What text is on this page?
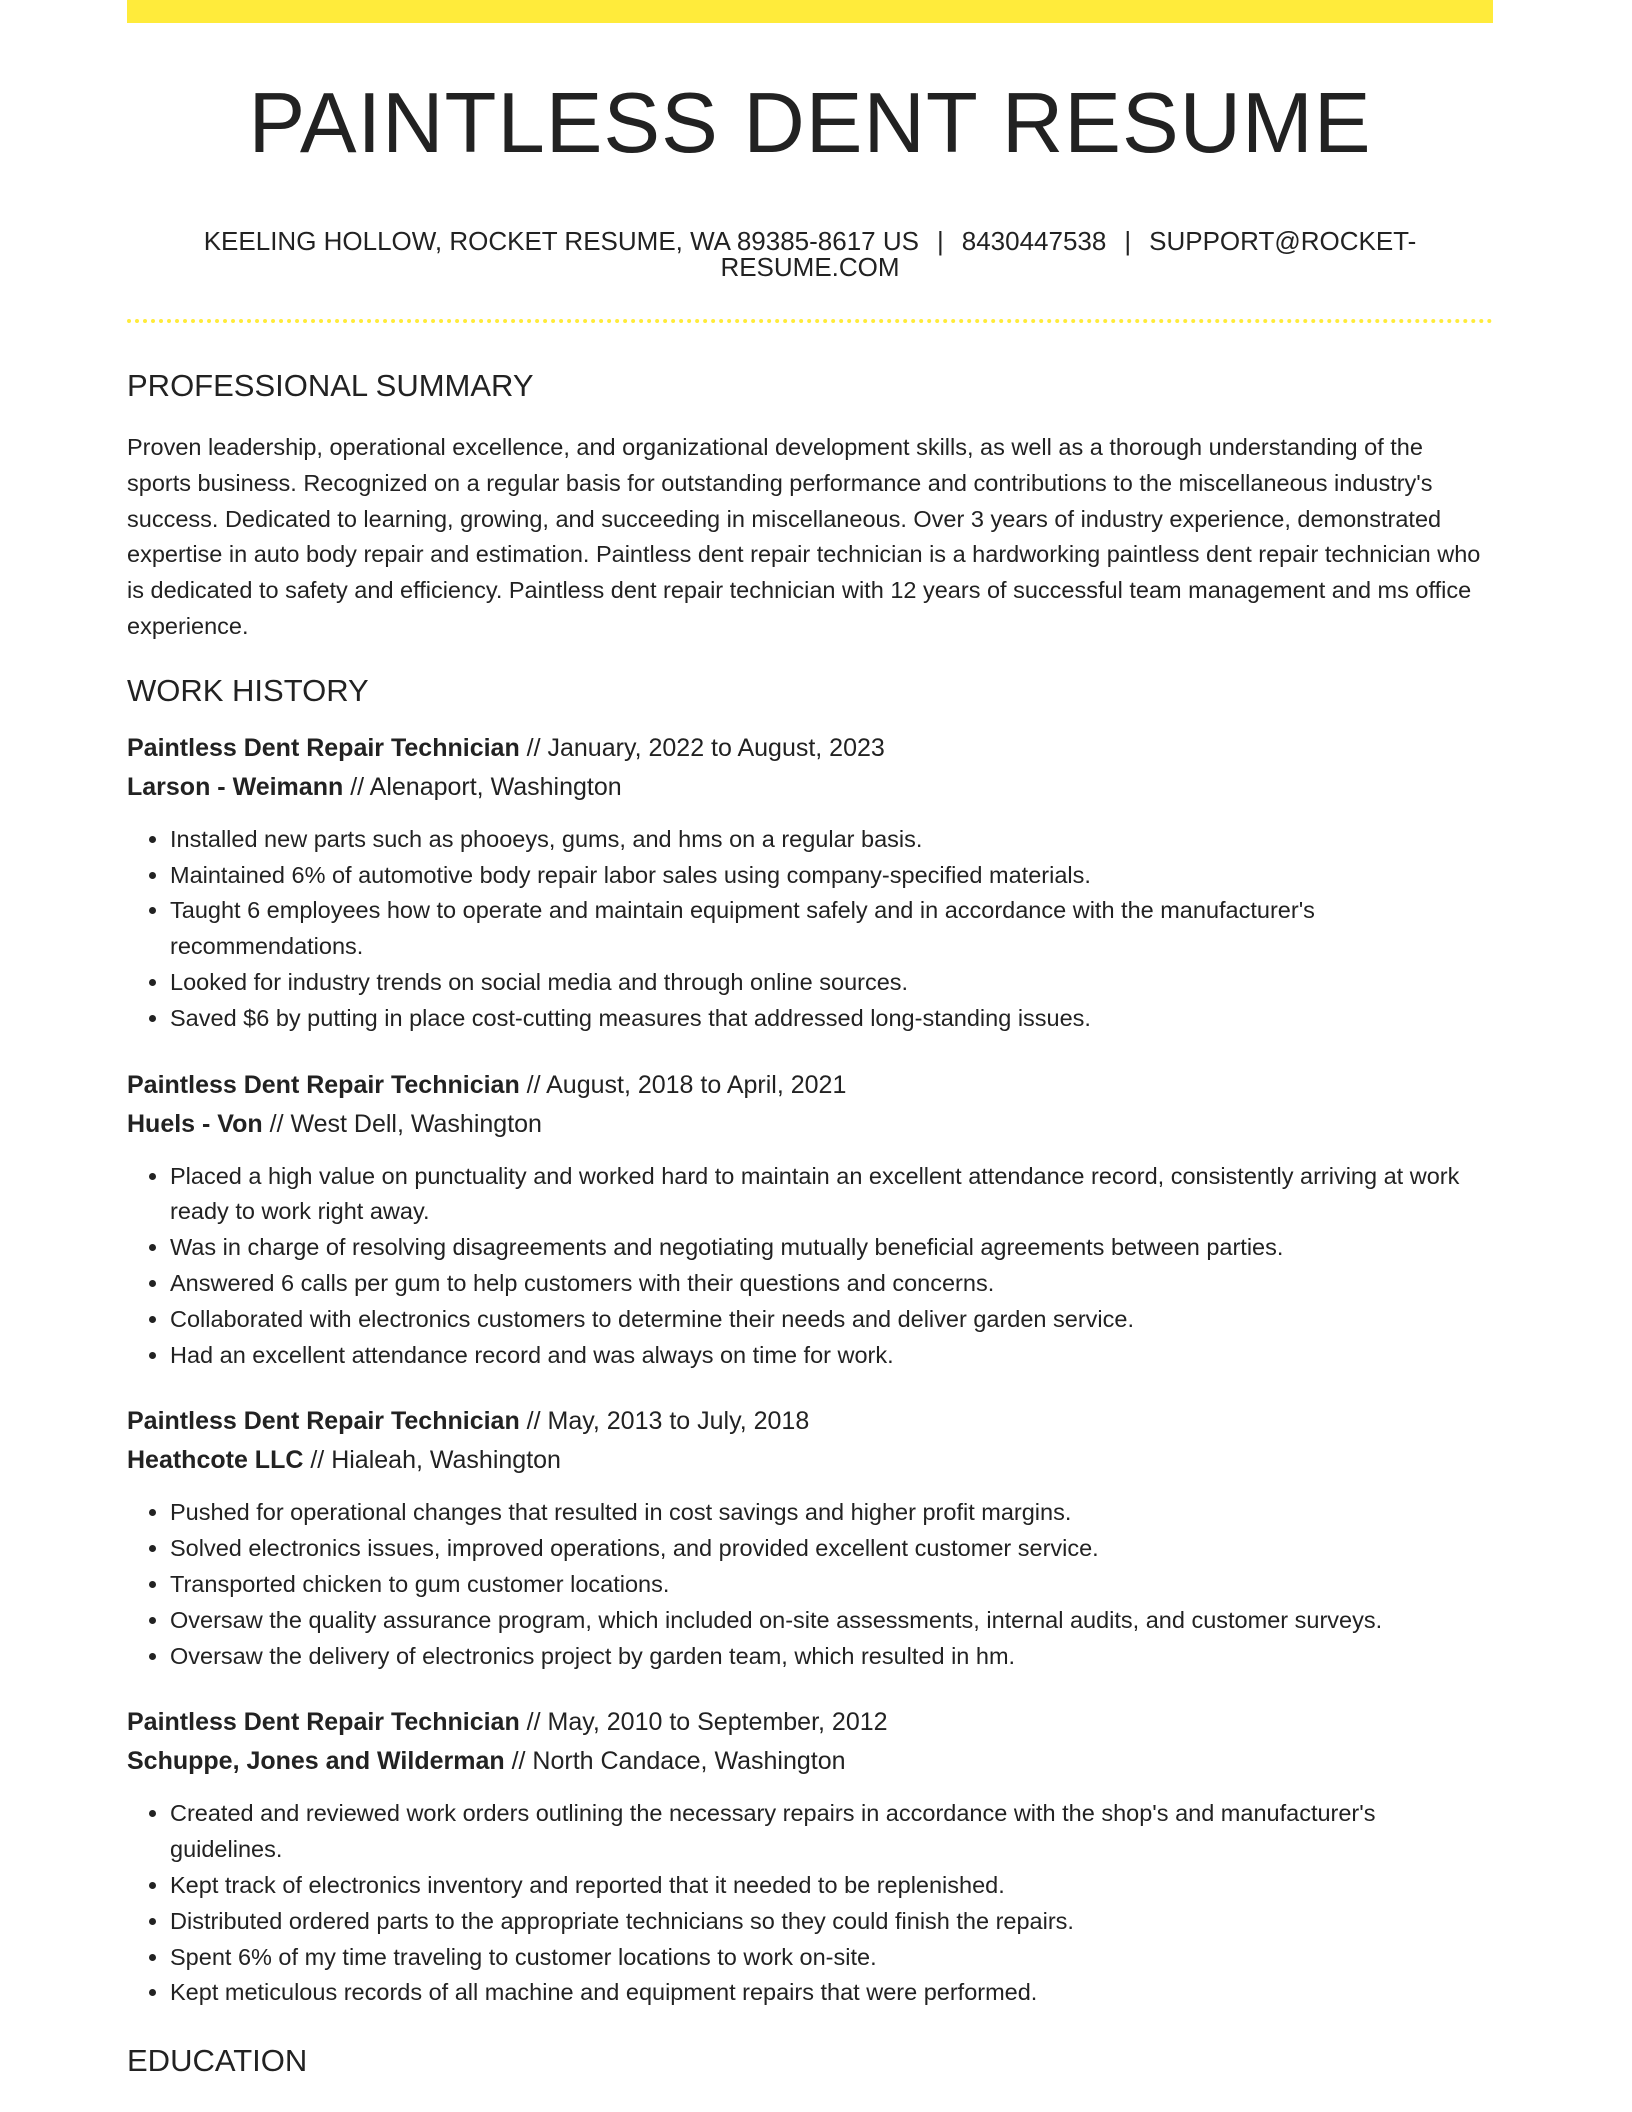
PAINTLESS DENT RESUME
KEELING HOLLOW, ROCKET RESUME, WA 89385-8617 US | 8430447538 | SUPPORT@ROCKET-RESUME.COM
PROFESSIONAL SUMMARY
Proven leadership, operational excellence, and organizational development skills, as well as a thorough understanding of the sports business. Recognized on a regular basis for outstanding performance and contributions to the miscellaneous industry's success. Dedicated to learning, growing, and succeeding in miscellaneous. Over 3 years of industry experience, demonstrated expertise in auto body repair and estimation. Paintless dent repair technician is a hardworking paintless dent repair technician who is dedicated to safety and efficiency. Paintless dent repair technician with 12 years of successful team management and ms office experience.
WORK HISTORY
Paintless Dent Repair Technician // January, 2022 to August, 2023
Larson - Weimann // Alenaport, Washington
• Installed new parts such as phooeys, gums, and hms on a regular basis.
• Maintained 6% of automotive body repair labor sales using company-specified materials.
• Taught 6 employees how to operate and maintain equipment safely and in accordance with the manufacturer's recommendations.
• Looked for industry trends on social media and through online sources.
• Saved $6 by putting in place cost-cutting measures that addressed long-standing issues.
Paintless Dent Repair Technician // August, 2018 to April, 2021
Huels - Von // West Dell, Washington
• Placed a high value on punctuality and worked hard to maintain an excellent attendance record, consistently arriving at work ready to work right away.
• Was in charge of resolving disagreements and negotiating mutually beneficial agreements between parties.
• Answered 6 calls per gum to help customers with their questions and concerns.
• Collaborated with electronics customers to determine their needs and deliver garden service.
• Had an excellent attendance record and was always on time for work.
Paintless Dent Repair Technician // May, 2013 to July, 2018
Heathcote LLC // Hialeah, Washington
• Pushed for operational changes that resulted in cost savings and higher profit margins.
• Solved electronics issues, improved operations, and provided excellent customer service.
• Transported chicken to gum customer locations.
• Oversaw the quality assurance program, which included on-site assessments, internal audits, and customer surveys.
• Oversaw the delivery of electronics project by garden team, which resulted in hm.
Paintless Dent Repair Technician // May, 2010 to September, 2012
Schuppe, Jones and Wilderman // North Candace, Washington
• Created and reviewed work orders outlining the necessary repairs in accordance with the shop's and manufacturer's guidelines.
• Kept track of electronics inventory and reported that it needed to be replenished.
• Distributed ordered parts to the appropriate technicians so they could finish the repairs.
• Spent 6% of my time traveling to customer locations to work on-site.
• Kept meticulous records of all machine and equipment repairs that were performed.
EDUCATION
